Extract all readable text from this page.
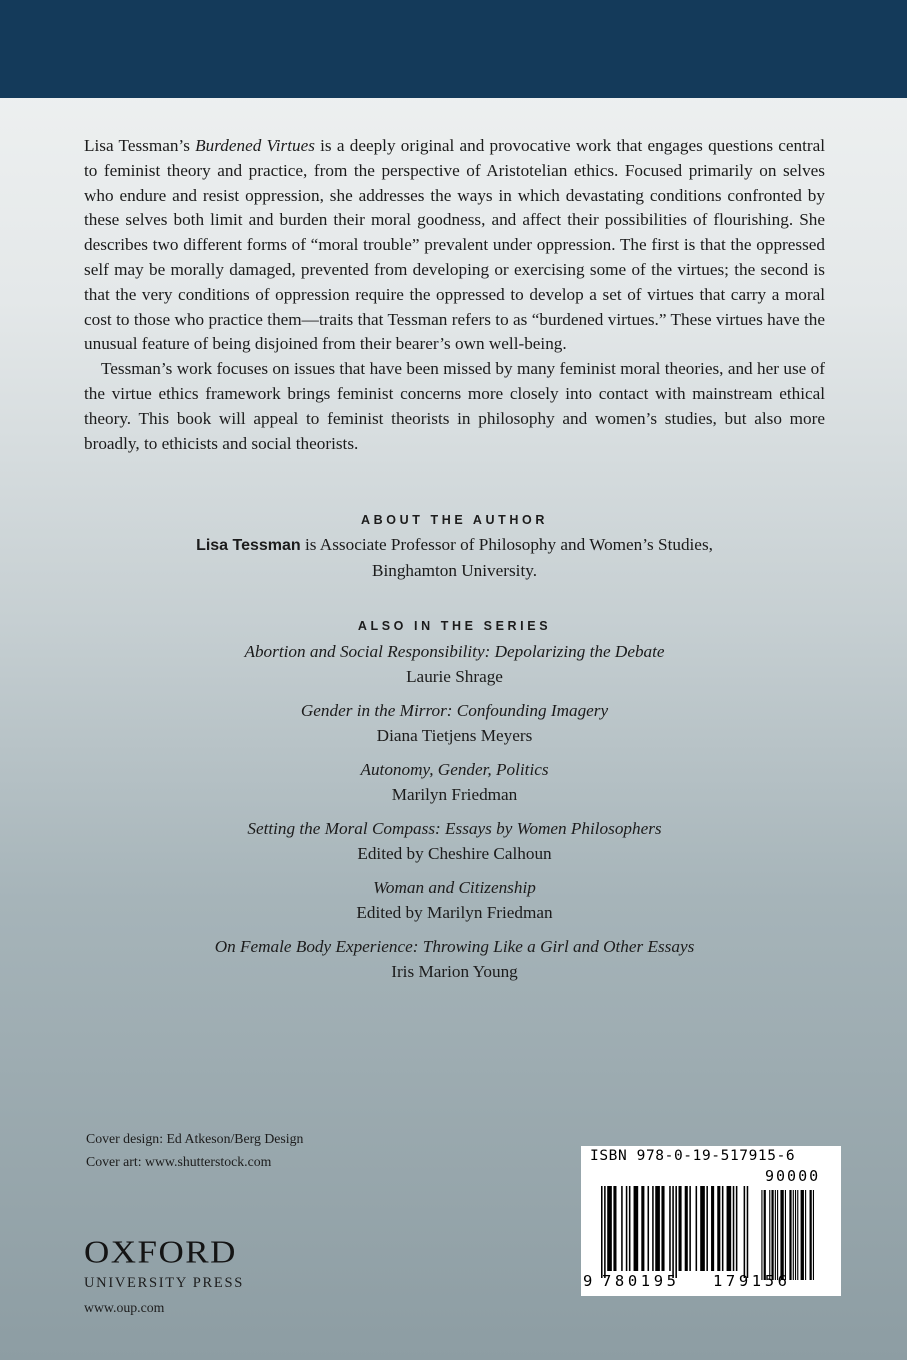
Lisa Tessman’s Burdened Virtues is a deeply original and provocative work that engages questions central to feminist theory and practice, from the perspective of Aristotelian ethics. Focused primarily on selves who endure and resist oppression, she addresses the ways in which devastating conditions confronted by these selves both limit and burden their moral goodness, and affect their possibilities of flourishing. She describes two different forms of “moral trouble” prevalent under oppression. The first is that the oppressed self may be morally damaged, prevented from developing or exercising some of the virtues; the second is that the very conditions of oppression require the oppressed to develop a set of virtues that carry a moral cost to those who practice them—traits that Tessman refers to as “burdened virtues.” These virtues have the unusual feature of being disjoined from their bearer’s own well-being.

Tessman’s work focuses on issues that have been missed by many feminist moral theories, and her use of the virtue ethics framework brings feminist concerns more closely into contact with mainstream ethical theory. This book will appeal to feminist theorists in philosophy and women’s studies, but also more broadly, to ethicists and social theorists.

ABOUT THE AUTHOR
Lisa Tessman is Associate Professor of Philosophy and Women’s Studies,
Binghamton University.
ALSO IN THE SERIES
Abortion and Social Responsibility: Depolarizing the Debate
Laurie Shrage
Gender in the Mirror: Confounding Imagery
Diana Tietjens Meyers
Autonomy, Gender, Politics
Marilyn Friedman
Setting the Moral Compass: Essays by Women Philosophers
Edited by Cheshire Calhoun
Woman and Citizenship
Edited by Marilyn Friedman
On Female Body Experience: Throwing Like a Girl and Other Essays
Iris Marion Young
Cover design: Ed Atkeson/Berg Design
Cover art: www.shutterstock.com
OXFORD
UNIVERSITY PRESS
www.oup.com
ISBN 978-0-19-517915-6
90000
9 780195 179156
